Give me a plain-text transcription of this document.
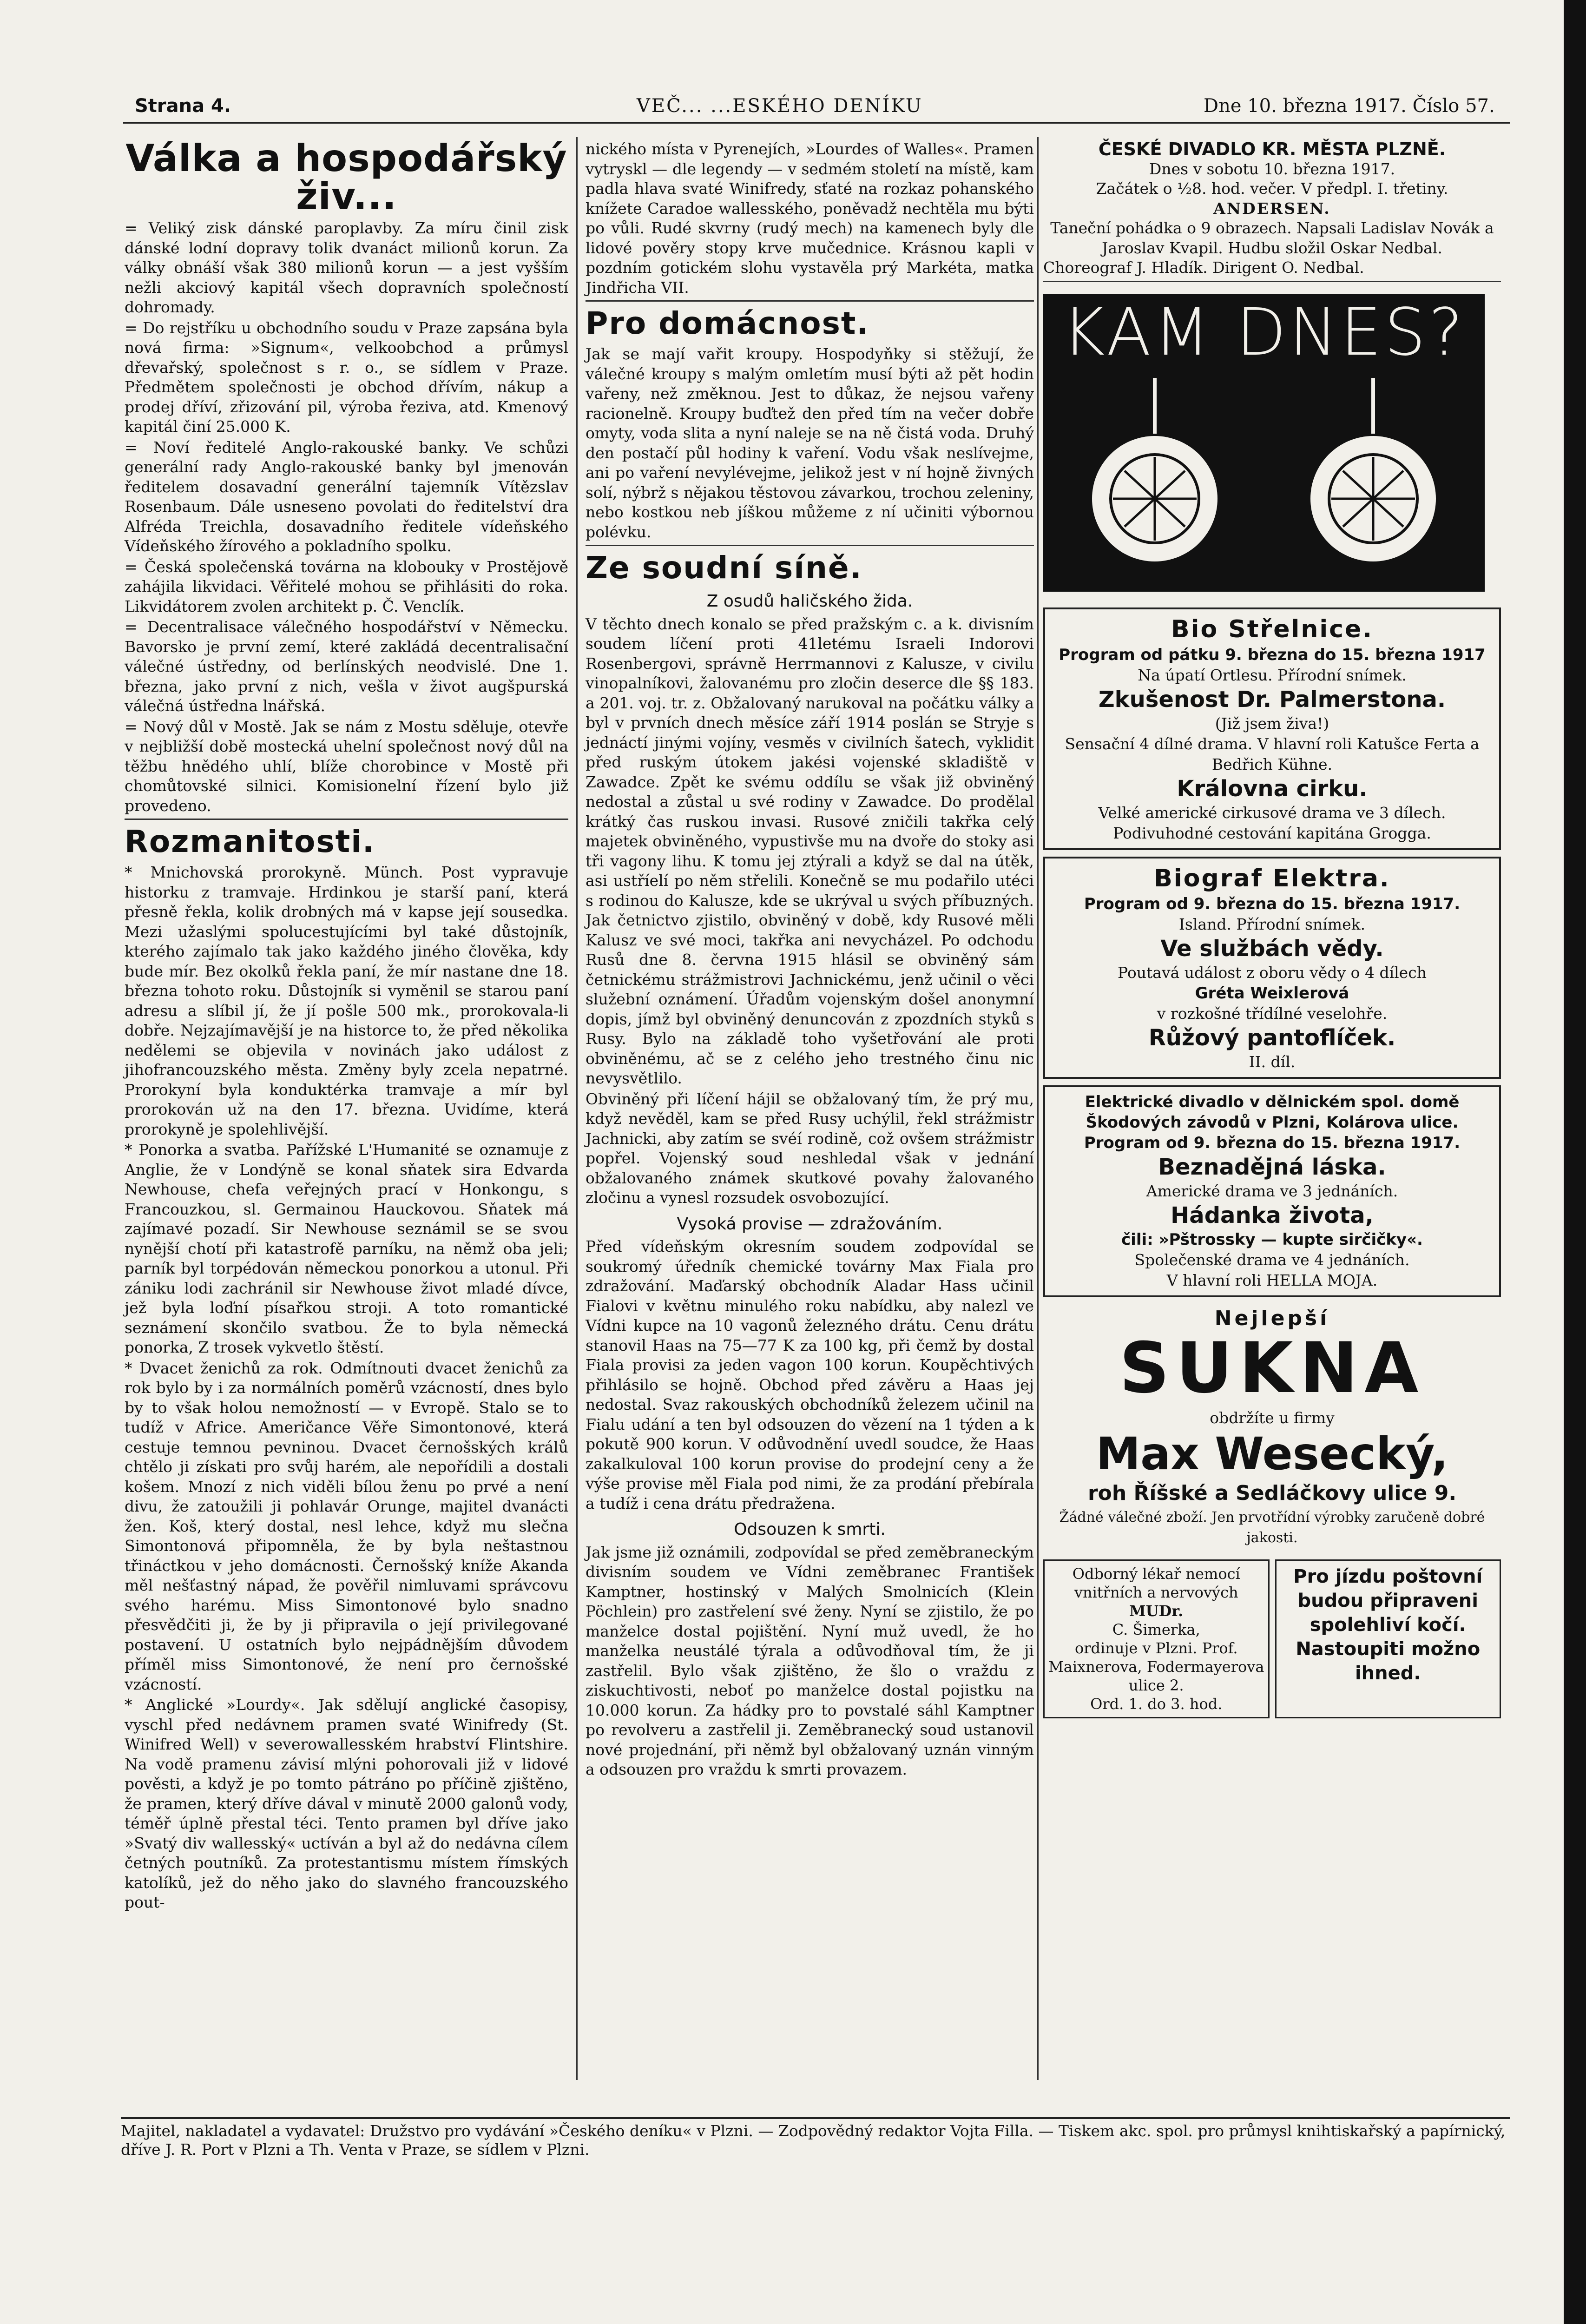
Strana 4.	VEČ... ...ESKÉHO DENÍKU	Dne 10. března 1917. Číslo 57.
Válka a hospodářský živ...

= Veliký zisk dánské paroplavby. Za míru činil zisk dánské lodní dopravy tolik dvanáct milionů korun. Za války obnáší však 380 milionů korun — a jest vyšším nežli akciový kapitál všech dopravních společností dohromady.

= Do rejstříku u obchodního soudu v Praze zapsána byla nová firma: »Signum«, velkoobchod a průmysl dřevařský, společnost s r. o., se sídlem v Praze. Předmětem společnosti je obchod dřívím, nákup a prodej dříví, zřizování pil, výroba řeziva, atd. Kmenový kapitál činí 25.000 K.

= Noví ředitelé Anglo-rakouské banky. Ve schůzi generální rady Anglo-rakouské banky byl jmenován ředitelem dosavadní generální tajemník Vítězslav Rosenbaum. Dále usneseno povolati do ředitelství dra Alfréda Treichla, dosavadního ředitele vídeňského Vídeňského žírového a pokladního spolku.

= Česká společenská továrna na klobouky v Prostějově zahájila likvidaci. Věřitelé mohou se přihlásiti do roka. Likvidátorem zvolen architekt p. Č. Venclík.

= Decentralisace válečného hospodářství v Německu. Bavorsko je první zemí, které zakládá decentralisační válečné ústředny, od berlínských neodvislé. Dne 1. března, jako první z nich, vešla v život augšpurská válečná ústředna lnářská.

= Nový důl v Mostě. Jak se nám z Mostu sděluje, otevře v nejbližší době mostecká uhelní společnost nový důl na těžbu hnědého uhlí, blíže chorobince v Mostě při chomůtovské silnici. Komisionelní řízení bylo již provedeno.

Rozmanitosti.

* Mnichovská prorokyně. Münch. Post vypravuje historku z tramvaje. Hrdinkou je starší paní, která přesně řekla, kolik drobných má v kapse její sousedka. Mezi užaslými spolucestujícími byl také důstojník, kterého zajímalo tak jako každého jiného člověka, kdy bude mír. Bez okolků řekla paní, že mír nastane dne 18. března tohoto roku. Důstojník si vyměnil se starou paní adresu a slíbil jí, že jí pošle 500 mk., prorokovala-li dobře. Nejzajímavější je na historce to, že před několika nedělemi se objevila v novinách jako událost z jihofrancouzského města. Změny byly zcela nepatrné. Prorokyní byla konduktérka tramvaje a mír byl prorokován už na den 17. března. Uvidíme, která prorokyně je spolehlivější.

* Ponorka a svatba. Pařížské L'Humanité se oznamuje z Anglie, že v Londýně se konal sňatek sira Edvarda Newhouse, chefa veřejných prací v Honkongu, s Francouzkou, sl. Germainou Hauckovou. Sňatek má zajímavé pozadí. Sir Newhouse seznámil se se svou nynější chotí při katastrofě parníku, na němž oba jeli; parník byl torpédován německou ponorkou a utonul. Při zániku lodi zachránil sir Newhouse život mladé dívce, jež byla loďní písařkou stroji. A toto romantické seznámení skončilo svatbou. Že to byla německá ponorka, Z trosek vykvetlo štěstí.

* Dvacet ženichů za rok. Odmítnouti dvacet ženichů za rok bylo by i za normálních poměrů vzácností, dnes bylo by to však holou nemožností — v Evropě. Stalo se to tudíž v Africe. Američance Věře Simontonové, která cestuje temnou pevninou. Dvacet černošských králů chtělo ji získati pro svůj harém, ale nepořídili a dostali košem. Mnozí z nich viděli bílou ženu po prvé a není divu, že zatoužili ji pohlavár Orunge, majitel dvanácti žen. Koš, který dostal, nesl lehce, když mu slečna Simontonová připomněla, že by byla neštastnou třináctkou v jeho domácnosti. Černošský kníže Akanda měl nešťastný nápad, že pověřil nimluvami správcovu svého harému. Miss Simontonové bylo snadno přesvědčiti ji, že by ji připravila o její privilegované postavení. U ostatních bylo nejpádnějším důvodem příměl miss Simontonové, že není pro černošské vzácností.

* Anglické »Lourdy«. Jak sdělují anglické časopisy, vyschl před nedávnem pramen svaté Winifredy (St. Winifred Well) v severowallesském hrabství Flintshire. Na vodě pramenu závisí mlýni pohorovali již v lidové pověsti, a když je po tomto pátráno po příčině zjištěno, že pramen, který dříve dával v minutě 2000 galonů vody, téměř úplně přestal téci. Tento pramen byl dříve jako »Svatý div wallesský« uctíván a byl až do nedávna cílem četných poutníků. Za protestantismu místem římských katolíků, jež do něho jako do slavného francouzského pout-

nického místa v Pyrenejích, »Lourdes of Walles«. Pramen vytryskl — dle legendy — v sedmém století na místě, kam padla hlava svaté Winifredy, sťaté na rozkaz pohanského knížete Caradoe wallesského, poněvadž nechtěla mu býti po vůli. Rudé skvrny (rudý mech) na kamenech byly dle lidové pověry stopy krve mučednice. Krásnou kapli v pozdním gotickém slohu vystavěla prý Markéta, matka Jindřicha VII.

Pro domácnost.

Jak se mají vařit kroupy. Hospodyňky si stěžují, že válečné kroupy s malým omletím musí býti až pět hodin vařeny, než změknou. Jest to důkaz, že nejsou vařeny racionelně. Kroupy buďtež den před tím na večer dobře omyty, voda slita a nyní naleje se na ně čistá voda. Druhý den postačí půl hodiny k vaření. Vodu však neslívejme, ani po vaření nevylévejme, jelikož jest v ní hojně živných solí, nýbrž s nějakou těstovou závarkou, trochou zeleniny, nebo kostkou neb jíškou můžeme z ní učiniti výbornou polévku.

Ze soudní síně.
Z osudů haličského žida.

V těchto dnech konalo se před pražským c. a k. divisním soudem líčení proti 41letému Israeli Indorovi Rosenbergovi, správně Herrmannovi z Kalusze, v civilu vinopalníkovi, žalovanému pro zločin deserce dle §§ 183. a 201. voj. tr. z. Obžalovaný narukoval na počátku války a byl v prvních dnech měsíce září 1914 poslán se Stryje s jednáctí jinými vojíny, vesměs v civilních šatech, vyklidit před ruským útokem jakési vojenské skladiště v Zawadce. Zpět ke svému oddílu se však již obviněný nedostal a zůstal u své rodiny v Zawadce. Do prodělal krátký čas ruskou invasi. Rusové zničili takřka celý majetek obviněného, vypustivše mu na dvoře do stoky asi tři vagony lihu. K tomu jej ztýrali a když se dal na útěk, asi ustříelí po něm střelili. Konečně se mu podařilo utéci s rodinou do Kalusze, kde se ukrýval u svých příbuzných. Jak četnictvo zjistilo, obviněný v době, kdy Rusové měli Kalusz ve své moci, takřka ani nevycházel. Po odchodu Rusů dne 8. června 1915 hlásil se obviněný sám četnickému strážmistrovi Jachnickému, jenž učinil o věci služební oznámení. Úřadům vojenským došel anonymní dopis, jímž byl obviněný denuncován z zpozdních styků s Rusy. Bylo na základě toho vyšetřování ale proti obviněnému, ač se z celého jeho trestného činu nic nevysvětlilo.

Obviněný při líčení hájil se obžalovaný tím, že prý mu, když nevěděl, kam se před Rusy uchýlil, řekl strážmistr Jachnicki, aby zatím se svéí rodině, což ovšem strážmistr popřel. Vojenský soud neshledal však v jednání obžalovaného známek skutkové povahy žalovaného zločinu a vynesl rozsudek osvobozující.

Vysoká provise — zdražováním.

Před vídeňským okresním soudem zodpovídal se soukromý úředník chemické továrny Max Fiala pro zdražování. Maďarský obchodník Aladar Hass učinil Fialovi v květnu minulého roku nabídku, aby nalezl ve Vídni kupce na 10 vagonů železného drátu. Cenu drátu stanovil Haas na 75—77 K za 100 kg, při čemž by dostal Fiala provisi za jeden vagon 100 korun. Koupěchtivých přihlásilo se hojně. Obchod před závěru a Haas jej nedostal. Svaz rakouských obchodníků železem učinil na Fialu udání a ten byl odsouzen do vězení na 1 týden a k pokutě 900 korun. V odůvodnění uvedl soudce, že Haas zakalkuloval 100 korun provise do prodejní ceny a že výše provise měl Fiala pod nimi, že za prodání přebírala a tudíž i cena drátu předražena.

Odsouzen k smrti.

Jak jsme již oznámili, zodpovídal se před zeměbraneckým divisním soudem ve Vídni zeměbranec František Kamptner, hostinský v Malých Smolnicích (Klein Pöchlein) pro zastřelení své ženy. Nyní se zjistilo, že po manželce dostal pojištění. Nyní muž uvedl, že ho manželka neustálé týrala a odůvodňoval tím, že ji zastřelil. Bylo však zjištěno, že šlo o vraždu z ziskuchtivosti, neboť po manželce dostal pojistku na 10.000 korun. Za hádky pro to povstalé sáhl Kamptner po revolveru a zastřelil ji. Zeměbranecký soud ustanovil nové projednání, při němž byl obžalovaný uznán vinným a odsouzen pro vraždu k smrti provazem.

ČESKÉ DIVADLO KR. MĚSTA PLZNĚ.
Dnes v sobotu 10. března 1917.
Začátek o ½8. hod. večer. V předpl. I. třetiny.
ANDERSEN.
Taneční pohádka o 9 obrazech. Napsali Ladislav Novák a Jaroslav Kvapil. Hudbu složil Oskar Nedbal.
Choreograf J. Hladík. Dirigent O. Nedbal.
KAM DNES?
Bio Střelnice.
Program od pátku 9. března do 15. března 1917
Na úpatí Ortlesu. Přírodní snímek.
Zkušenost Dr. Palmerstona.
(Již jsem živa!)
Sensační 4 dílné drama. V hlavní roli Katušce Ferta a Bedřich Kühne.
Královna cirku.
Velké americké cirkusové drama ve 3 dílech. Podivuhodné cestování kapitána Grogga.
Biograf Elektra.
Program od 9. března do 15. března 1917.
Island. Přírodní snímek.
Ve službách vědy.
Poutavá událost z oboru vědy o 4 dílech
Gréta Weixlerová
v rozkošné třídílné veselohře.
Růžový pantoflíček.
II. díl.
Elektrické divadlo v dělnickém spol. domě Škodových závodů v Plzni, Kolárova ulice.
Program od 9. března do 15. března 1917.
Beznadějná láska.
Americké drama ve 3 jednáních.
Hádanka života,
čili: »Pštrossky — kupte sirčičky«.
Společenské drama ve 4 jednáních.
V hlavní roli HELLA MOJA.
Nejlepší
SUKNA
obdržíte u firmy
Max Wesecký,
roh Říšské a Sedláčkovy ulice 9.
Žádné válečné zboží. Jen prvotřídní výrobky zaručeně dobré jakosti.
Odborný lékař nemocí vnitřních a nervových
MUDr.
C. Šimerka,
ordinuje v Plzni. Prof. Maixnerova, Fodermayerova ulice 2.
Ord. 1. do 3. hod.
Pro jízdu poštovní budou připraveni spolehliví kočí. Nastoupiti možno ihned.
Majitel, nakladatel a vydavatel: Družstvo pro vydávání »Českého deníku« v Plzni. — Zodpovědný redaktor Vojta Filla. — Tiskem akc. spol. pro průmysl knihtiskařský a papírnický, dříve J. R. Port v Plzni a Th. Venta v Praze, se sídlem v Plzni.
